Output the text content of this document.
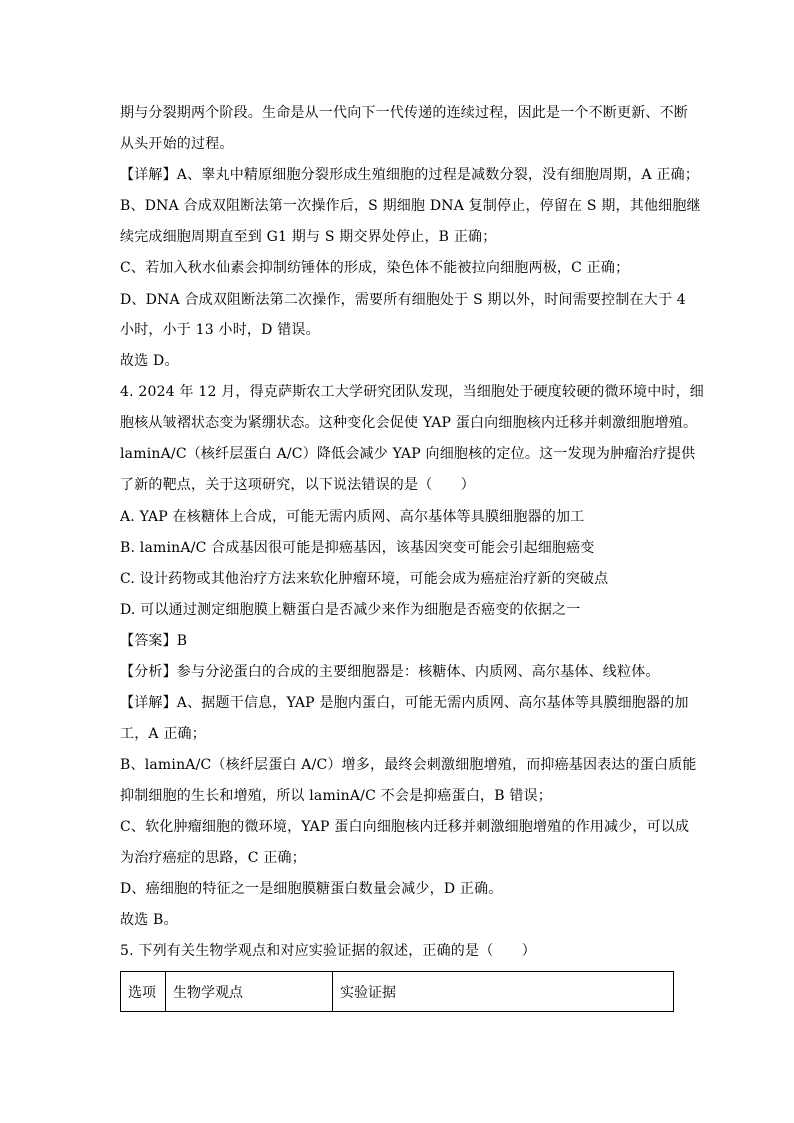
期与分裂期两个阶段。生命是从一代向下一代传递的连续过程，因此是一个不断更新、不断
从头开始的过程。
【详解】A、睾丸中精原细胞分裂形成生殖细胞的过程是减数分裂，没有细胞周期，A 正确；
B、DNA 合成双阻断法第一次操作后，S 期细胞 DNA 复制停止，停留在 S 期，其他细胞继
续完成细胞周期直至到 G1 期与 S 期交界处停止，B 正确；
C、若加入秋水仙素会抑制纺锤体的形成，染色体不能被拉向细胞两极，C 正确；
D、DNA 合成双阻断法第二次操作，需要所有细胞处于 S 期以外，时间需要控制在大于 4
小时，小于 13 小时，D 错误。
故选 D。
4. 2024 年 12 月，得克萨斯农工大学研究团队发现，当细胞处于硬度较硬的微环境中时，细
胞核从皱褶状态变为紧绷状态。这种变化会促使 YAP 蛋白向细胞核内迁移并刺激细胞增殖。
laminA/C（核纤层蛋白 A/C）降低会减少 YAP 向细胞核的定位。这一发现为肿瘤治疗提供
了新的靶点，关于这项研究，以下说法错误的是（　　）
A. YAP 在核糖体上合成，可能无需内质网、高尔基体等具膜细胞器的加工
B. laminA/C 合成基因很可能是抑癌基因，该基因突变可能会引起细胞癌变
C. 设计药物或其他治疗方法来软化肿瘤环境，可能会成为癌症治疗新的突破点
D. 可以通过测定细胞膜上糖蛋白是否减少来作为细胞是否癌变的依据之一
【答案】B
【分析】参与分泌蛋白的合成的主要细胞器是：核糖体、内质网、高尔基体、线粒体。
【详解】A、据题干信息，YAP 是胞内蛋白，可能无需内质网、高尔基体等具膜细胞器的加
工，A 正确；
B、laminA/C（核纤层蛋白 A/C）增多，最终会刺激细胞增殖，而抑癌基因表达的蛋白质能
抑制细胞的生长和增殖，所以 laminA/C 不会是抑癌蛋白，B 错误；
C、软化肿瘤细胞的微环境，YAP 蛋白向细胞核内迁移并刺激细胞增殖的作用减少，可以成
为治疗癌症的思路，C 正确；
D、癌细胞的特征之一是细胞膜糖蛋白数量会减少，D 正确。
故选 B。
5. 下列有关生物学观点和对应实验证据的叙述，正确的是（　　）
选项	生物学观点	实验证据
